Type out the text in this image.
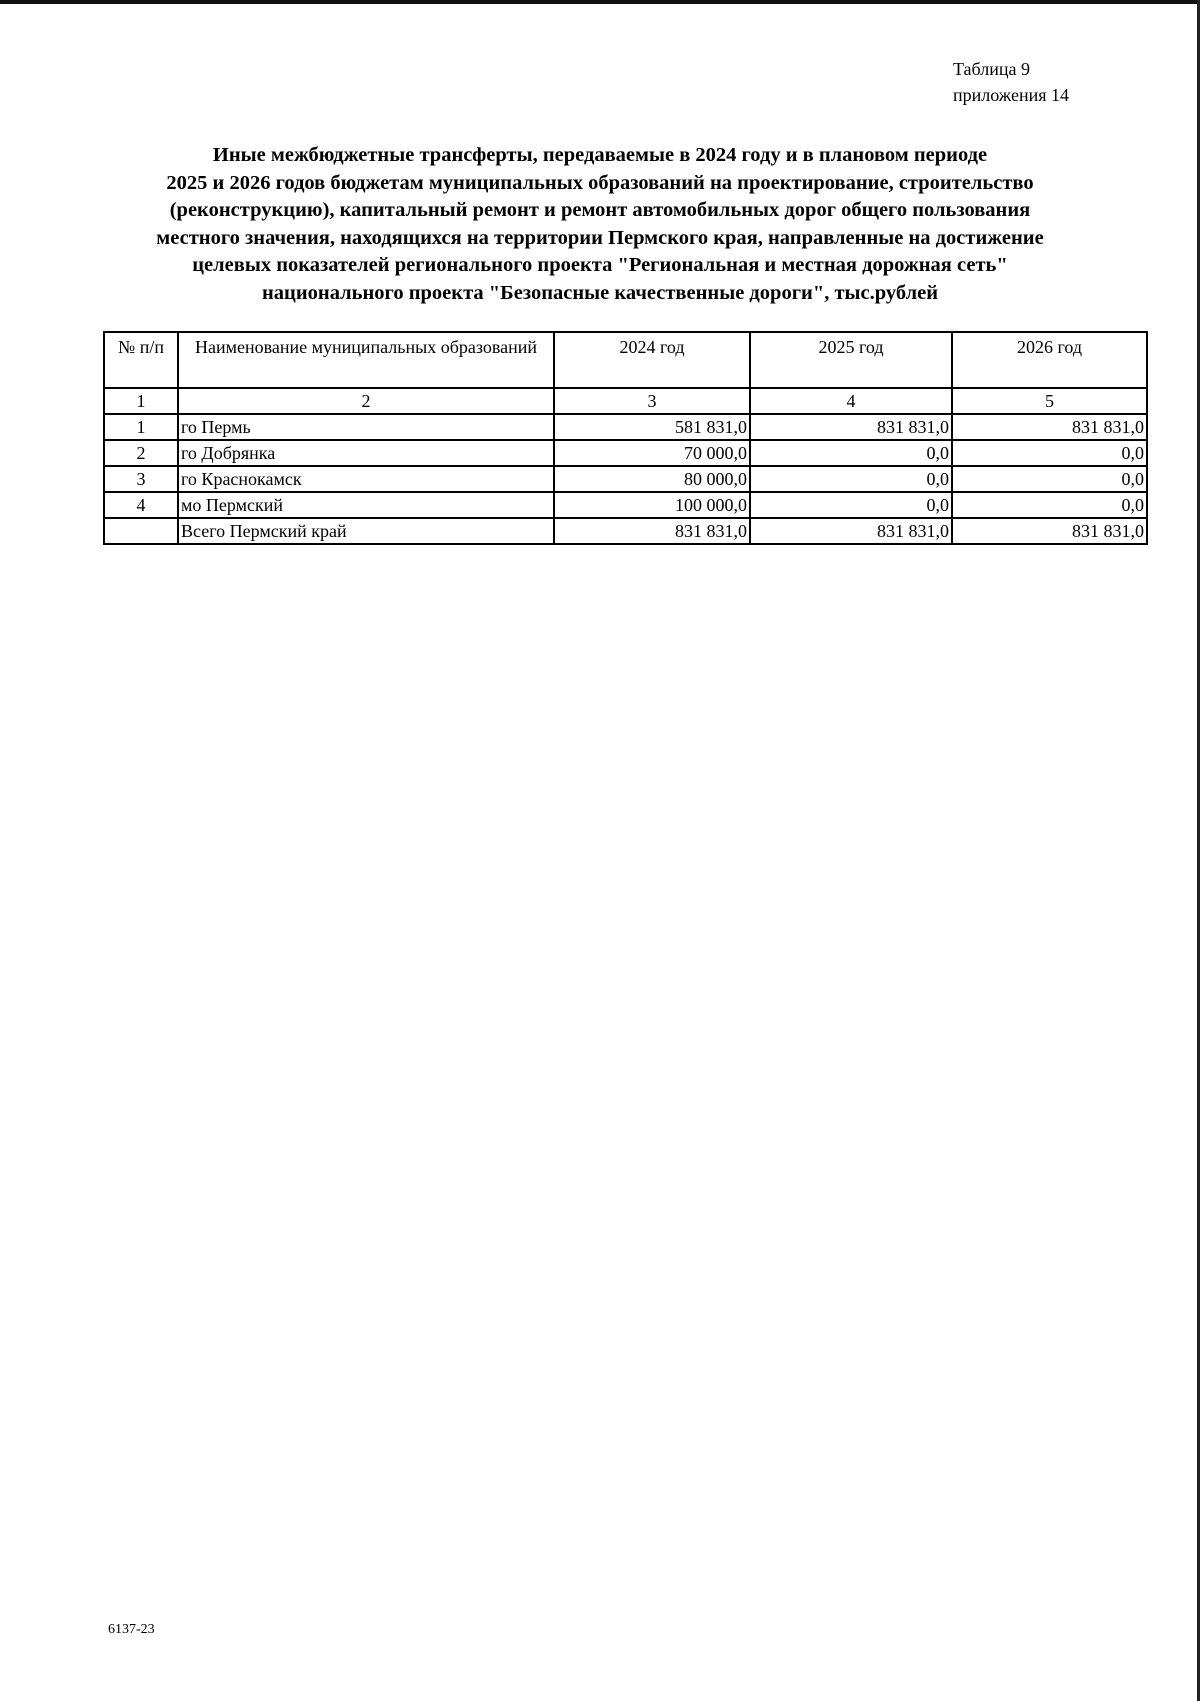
Таблица 9
приложения 14
Иные межбюджетные трансферты, передаваемые в 2024 году и в плановом периоде
2025 и 2026 годов бюджетам муниципальных образований на проектирование, строительство
(реконструкцию), капитальный ремонт и ремонт автомобильных дорог общего пользования
местного значения, находящихся на территории Пермского края, направленные на достижение
целевых показателей регионального проекта "Региональная и местная дорожная сеть"
национального проекта "Безопасные качественные дороги", тыс.рублей
№ п/п	Наименование муниципальных образований	2024 год	2025 год	2026 год
1	2	3	4	5
1	го Пермь	581 831,0	831 831,0	831 831,0
2	го Добрянка	70 000,0	0,0	0,0
3	го Краснокамск	80 000,0	0,0	0,0
4	мо Пермский	100 000,0	0,0	0,0
	Всего Пермский край	831 831,0	831 831,0	831 831,0
6137-23
